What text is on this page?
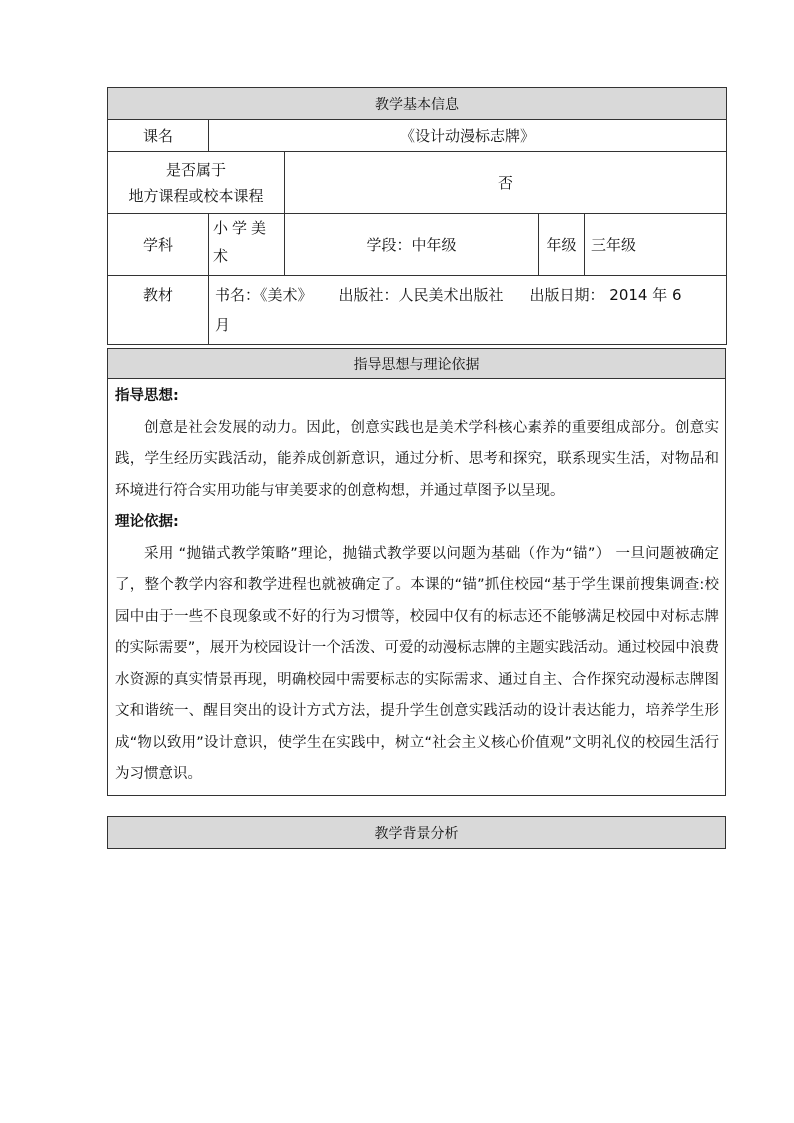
教学基本信息				
课名	《设计动漫标志牌》			
是否属于
地方课程或校本课程		否		
学科	小学美术	学段：中年级	年级	三年级
教材	书名：《美术》 出版社：人民美术出版社 出版日期： 2014 年 6
月			
指导思想与理论依据
指导思想:

创意是社会发展的动力。因此，创意实践也是美术学科核心素养的重要组成部分。创意实践，学生经历实践活动，能养成创新意识，通过分析、思考和探究，联系现实生活，对物品和环境进行符合实用功能与审美要求的创意构想，并通过草图予以呈现。

理论依据:

采用 “抛锚式教学策略”理论，抛锚式教学要以问题为基础（作为“锚”） 一旦问题被确定了，整个教学内容和教学进程也就被确定了。本课的“锚”抓住校园“基于学生课前搜集调查:校园中由于一些不良现象或不好的行为习惯等，校园中仅有的标志还不能够满足校园中对标志牌的实际需要”，展开为校园设计一个活泼、可爱的动漫标志牌的主题实践活动。通过校园中浪费水资源的真实情景再现，明确校园中需要标志的实际需求、通过自主、合作探究动漫标志牌图文和谐统一、醒目突出的设计方式方法，提升学生创意实践活动的设计表达能力，培养学生形成“物以致用”设计意识，使学生在实践中，树立“社会主义核心价值观”文明礼仪的校园生活行为习惯意识。

教学背景分析
